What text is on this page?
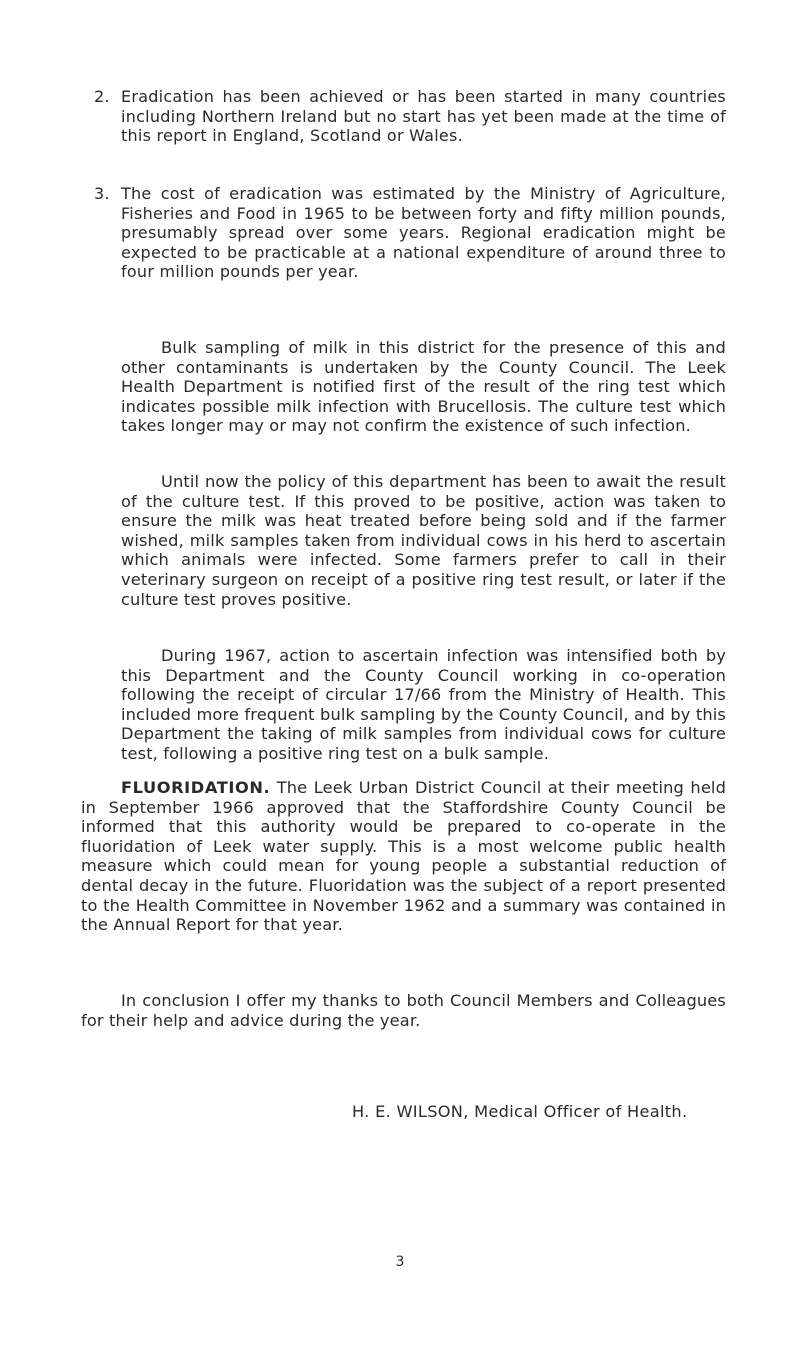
2. Eradication has been achieved or has been started in many countries including Northern Ireland but no start has yet been made at the time of this report in England, Scotland or Wales.
3. The cost of eradication was estimated by the Ministry of Agriculture, Fisheries and Food in 1965 to be between forty and fifty million pounds, presumably spread over some years. Regional eradication might be expected to be practicable at a national expenditure of around three to four million pounds per year.
Bulk sampling of milk in this district for the presence of this and other contaminants is undertaken by the County Council. The Leek Health Department is notified first of the result of the ring test which indicates possible milk infection with Brucellosis. The culture test which takes longer may or may not confirm the existence of such infection.
Until now the policy of this department has been to await the result of the culture test. If this proved to be positive, action was taken to ensure the milk was heat treated before being sold and if the farmer wished, milk samples taken from individual cows in his herd to ascertain which animals were infected. Some farmers prefer to call in their veterinary surgeon on receipt of a positive ring test result, or later if the culture test proves positive.
During 1967, action to ascertain infection was intensified both by this Department and the County Council working in co-operation following the receipt of circular 17/66 from the Ministry of Health. This included more frequent bulk sampling by the County Council, and by this Department the taking of milk samples from individual cows for culture test, following a positive ring test on a bulk sample.
FLUORIDATION. The Leek Urban District Council at their meeting held in September 1966 approved that the Staffordshire County Council be informed that this authority would be prepared to co-operate in the fluoridation of Leek water supply. This is a most welcome public health measure which could mean for young people a substantial reduction of dental decay in the future. Fluoridation was the subject of a report presented to the Health Committee in November 1962 and a summary was contained in the Annual Report for that year.
In conclusion I offer my thanks to both Council Members and Colleagues for their help and advice during the year.
H. E. WILSON, Medical Officer of Health.
3
